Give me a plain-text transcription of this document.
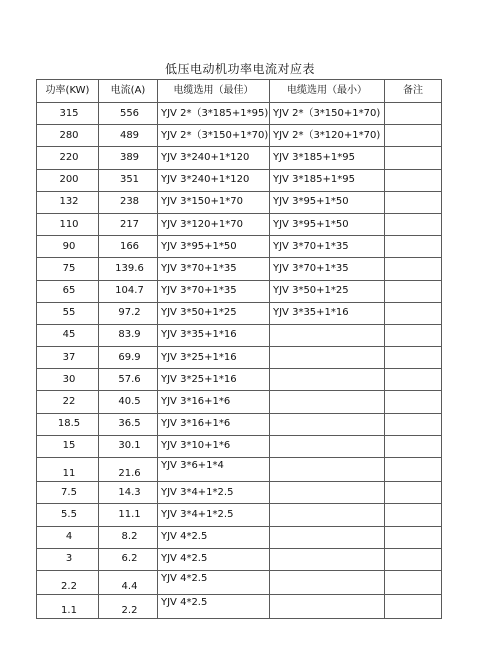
低压电动机功率电流对应表
功率(KW)	电流(A)	电缆选用（最佳）	电缆选用（最小）	备注
315	556	YJV 2*（3*185+1*95)	YJV 2*（3*150+1*70)	
280	489	YJV 2*（3*150+1*70)	YJV 2*（3*120+1*70)	
220	389	YJV 3*240+1*120	YJV 3*185+1*95	
200	351	YJV 3*240+1*120	YJV 3*185+1*95	
132	238	YJV 3*150+1*70	YJV 3*95+1*50	
110	217	YJV 3*120+1*70	YJV 3*95+1*50	
90	166	YJV 3*95+1*50	YJV 3*70+1*35	
75	139.6	YJV 3*70+1*35	YJV 3*70+1*35	
65	104.7	YJV 3*70+1*35	YJV 3*50+1*25	
55	97.2	YJV 3*50+1*25	YJV 3*35+1*16	
45	83.9	YJV 3*35+1*16		
37	69.9	YJV 3*25+1*16		
30	57.6	YJV 3*25+1*16		
22	40.5	YJV 3*16+1*6		
18.5	36.5	YJV 3*16+1*6		
15	30.1	YJV 3*10+1*6		
11	21.6	YJV 3*6+1*4		
7.5	14.3	YJV 3*4+1*2.5		
5.5	11.1	YJV 3*4+1*2.5		
4	8.2	YJV 4*2.5		
3	6.2	YJV 4*2.5		
2.2	4.4	YJV 4*2.5		
1.1	2.2	YJV 4*2.5		
